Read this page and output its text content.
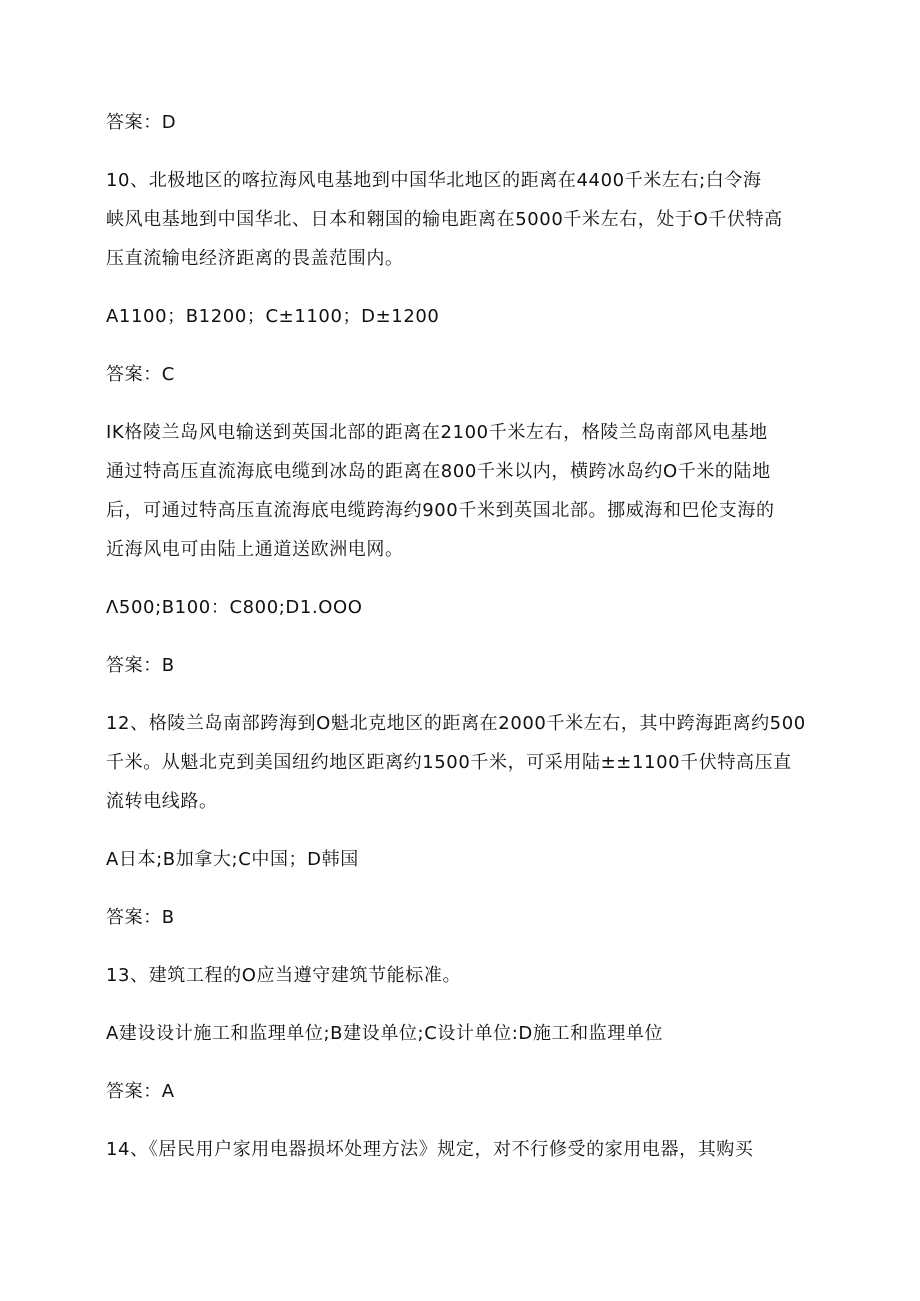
答案：D

10、北极地区的喀拉海风电基地到中国华北地区的距离在4400千米左右;白令海

峡风电基地到中国华北、日本和翱国的输电距离在5000千米左右，处于O千伏特高

压直流输电经济距离的畏盖范围内。

A1100；B1200；C±1100；D±1200

答案：C

IK格陵兰岛风电输送到英国北部的距离在2100千米左右，格陵兰岛南部风电基地

通过特高压直流海底电缆到冰岛的距离在800千米以内，横跨冰岛约O千米的陆地

后，可通过特高压直流海底电缆跨海约900千米到英国北部。挪威海和巴伦支海的

近海风电可由陆上通道送欧洲电网。

Λ500;B100：C800;D1.OOO

答案：B

12、格陵兰岛南部跨海到O魁北克地区的距离在2000千米左右，其中跨海距离约500

千米。从魁北克到美国纽约地区距离约1500千米，可采用陆±±1100千伏特高压直

流转电线路。

A日本;B加拿大;C中国；D韩国

答案：B

13、建筑工程的O应当遵守建筑节能标准。

A建设设计施工和监理单位;B建设单位;C设计单位:D施工和监理单位

答案：A

14、《居民用户家用电器损坏处理方法》规定，对不行修受的家用电器，其购买
